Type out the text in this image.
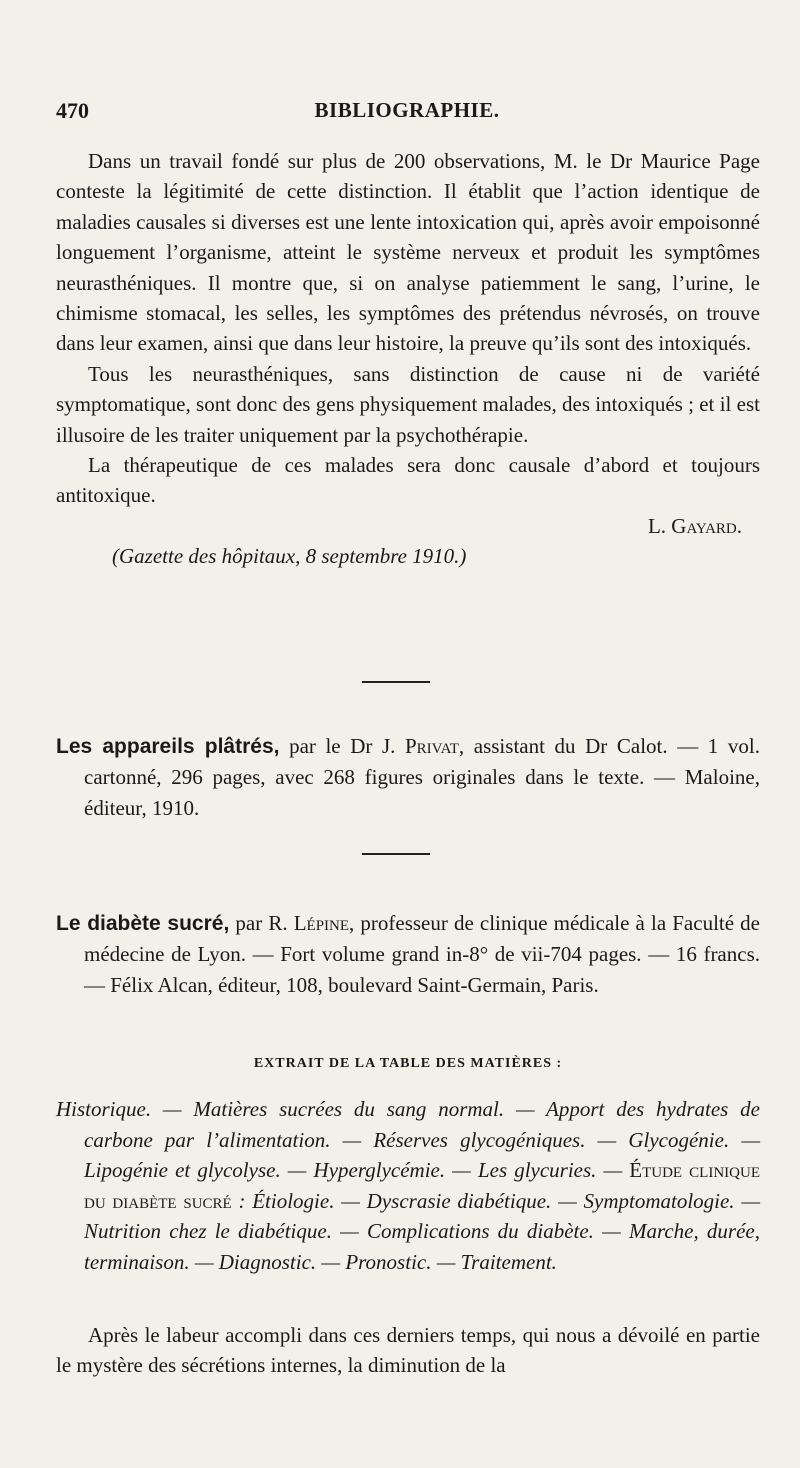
470	BIBLIOGRAPHIE.

Dans un travail fondé sur plus de 200 observations, M. le Dr Maurice Page conteste la légitimité de cette distinction. Il établit que l’action identique de maladies causales si diverses est une lente intoxication qui, après avoir empoisonné longuement l’organisme, atteint le système nerveux et produit les symptômes neurasthéniques. Il montre que, si on analyse patiemment le sang, l’urine, le chimisme stomacal, les selles, les symptômes des prétendus névrosés, on trouve dans leur examen, ainsi que dans leur histoire, la preuve qu’ils sont des intoxiqués.

Tous les neurasthéniques, sans distinction de cause ni de variété symptomatique, sont donc des gens physiquement malades, des intoxiqués ; et il est illusoire de les traiter uniquement par la psychothérapie.

La thérapeutique de ces malades sera donc causale d’abord et toujours antitoxique.

L. Gayard.
(Gazette des hôpitaux, 8 septembre 1910.)
Les appareils plâtrés, par le Dr J. Privat, assistant du Dr Calot. — 1 vol. cartonné, 296 pages, avec 268 figures originales dans le texte. — Maloine, éditeur, 1910.
Le diabète sucré, par R. Lépine, professeur de clinique médicale à la Faculté de médecine de Lyon. — Fort volume grand in-8° de vii-704 pages. — 16 francs. — Félix Alcan, éditeur, 108, boulevard Saint-Germain, Paris.
EXTRAIT DE LA TABLE DES MATIÈRES :
Historique. — Matières sucrées du sang normal. — Apport des hydrates de carbone par l’alimentation. — Réserves glycogéniques. — Glycogénie. — Lipogénie et glycolyse. — Hyperglycémie. — Les glycuries. — Étude clinique du diabète sucré : Étiologie. — Dyscrasie diabétique. — Symptomatologie. — Nutrition chez le diabétique. — Complications du diabète. — Marche, durée, terminaison. — Diagnostic. — Pronostic. — Traitement.

Après le labeur accompli dans ces derniers temps, qui nous a dévoilé en partie le mystère des sécrétions internes, la diminution de la
